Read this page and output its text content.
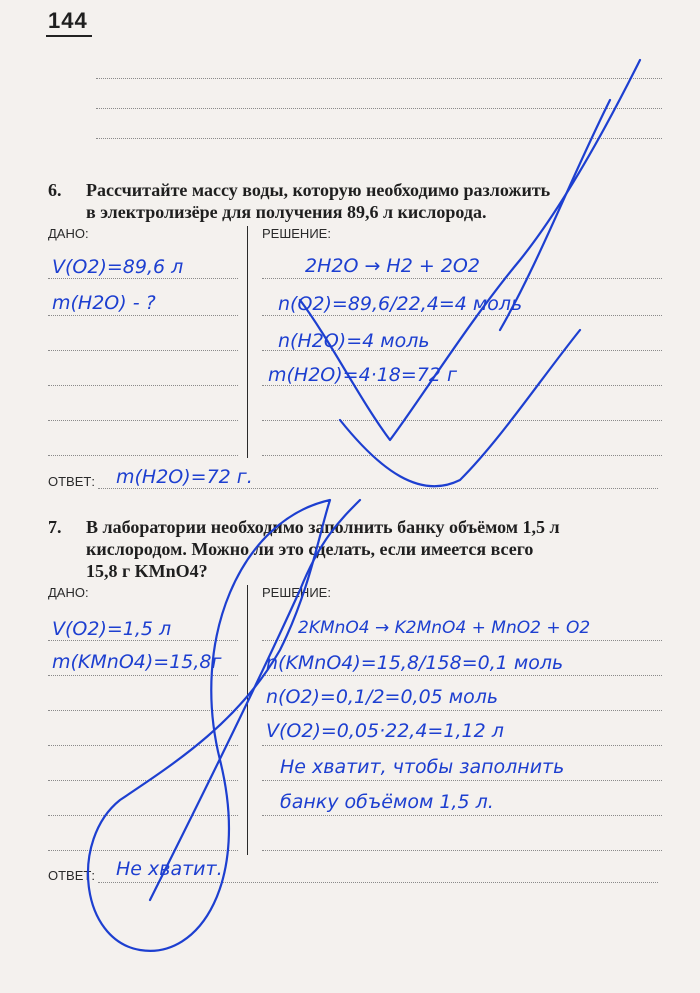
144
6. Рассчитайте массу воды, которую необходимо разложить
в электролизёре для получения 89,6 л кислорода.
ДАНО:	РЕШЕНИЕ:
V(O2)=89,6 л
m(H2O) - ?
2H2O → H2 + 2O2
n(O2)=89,6/22,4=4 моль
n(H2O)=4 моль
m(H2O)=4·18=72 г
ОТВЕТ: m(H2O)=72 г.
7. В лаборатории необходимо заполнить банку объёмом 1,5 л
кислородом. Можно ли это сделать, если имеется всего
15,8 г KMnO4?
ДАНО:	РЕШЕНИЕ:
V(O2)=1,5 л
m(KMnO4)=15,8г
2KMnO4 → K2MnO4 + MnO2 + O2
n(KMnO4)=15,8/158=0,1 моль
n(O2)=0,1/2=0,05 моль
V(O2)=0,05·22,4=1,12 л
Не хватит, чтобы заполнить
банку объёмом 1,5 л.
ОТВЕТ: Не хватит.
